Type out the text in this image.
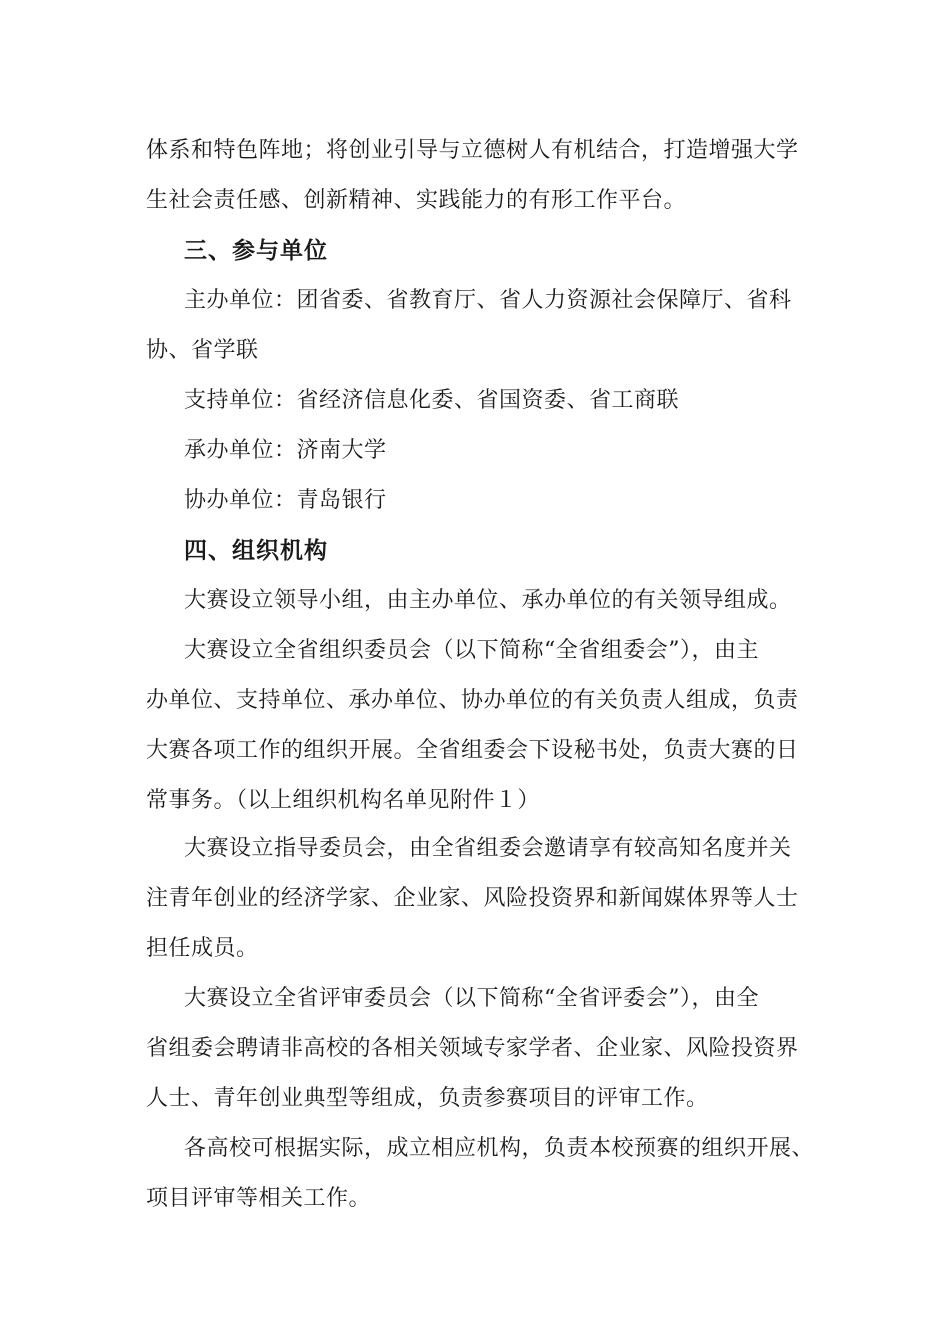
体系和特色阵地；将创业引导与立德树人有机结合，打造增强大学

生社会责任感、创新精神、实践能力的有形工作平台。

三、参与单位

主办单位：团省委、省教育厅、省人力资源社会保障厅、省科

协、省学联

支持单位：省经济信息化委、省国资委、省工商联

承办单位：济南大学

协办单位：青岛银行

四、组织机构

大赛设立领导小组，由主办单位、承办单位的有关领导组成。

大赛设立全省组织委员会（以下简称“全省组委会”），由主

办单位、支持单位、承办单位、协办单位的有关负责人组成，负责

大赛各项工作的组织开展。全省组委会下设秘书处，负责大赛的日

常事务。（以上组织机构名单见附件１）

大赛设立指导委员会，由全省组委会邀请享有较高知名度并关

注青年创业的经济学家、企业家、风险投资界和新闻媒体界等人士

担任成员。

大赛设立全省评审委员会（以下简称“全省评委会”），由全

省组委会聘请非高校的各相关领域专家学者、企业家、风险投资界

人士、青年创业典型等组成，负责参赛项目的评审工作。

各高校可根据实际，成立相应机构，负责本校预赛的组织开展、

项目评审等相关工作。
